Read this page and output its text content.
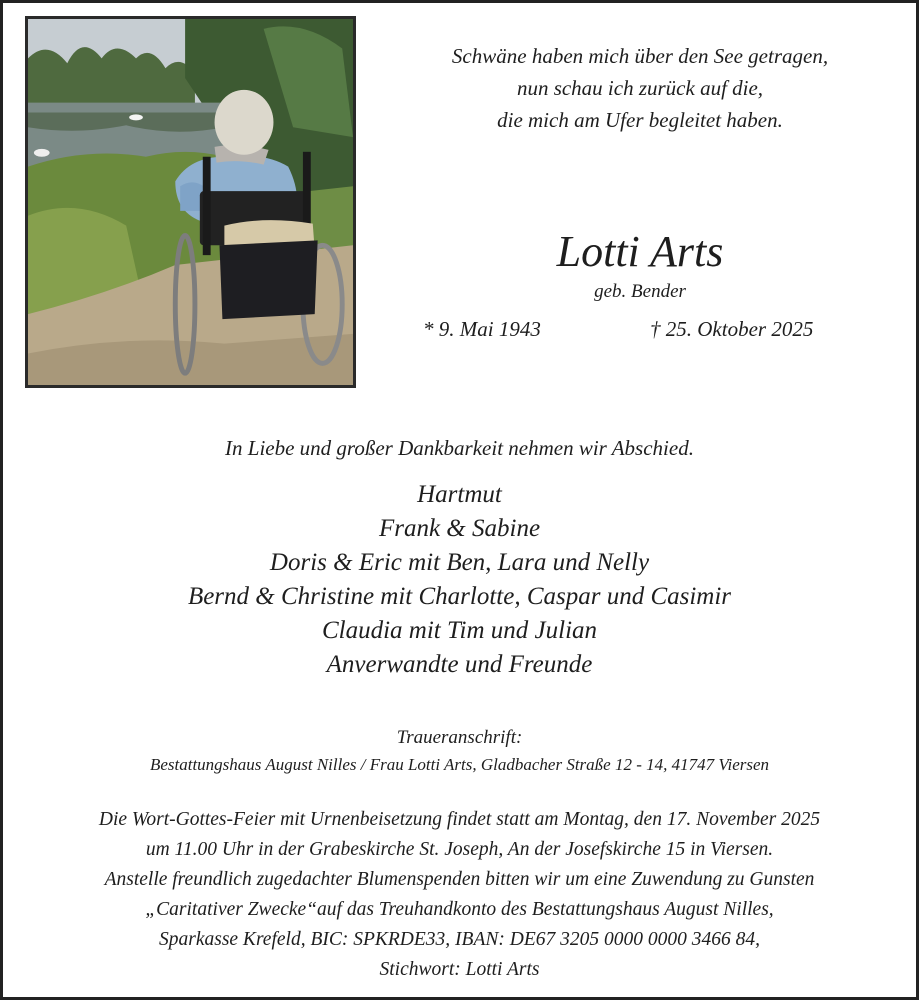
Schwäne haben mich über den See getragen,
nun schau ich zurück auf die,
die mich am Ufer begleitet haben.
Lotti Arts
geb. Bender
* 9. Mai 1943	† 25. Oktober 2025
In Liebe und großer Dankbarkeit nehmen wir Abschied.
Hartmut
Frank & Sabine
Doris & Eric mit Ben, Lara und Nelly
Bernd & Christine mit Charlotte, Caspar und Casimir
Claudia mit Tim und Julian
Anverwandte und Freunde
Traueranschrift:
Bestattungshaus August Nilles / Frau Lotti Arts, Gladbacher Straße 12 - 14, 41747 Viersen
Die Wort-Gottes-Feier mit Urnenbeisetzung findet statt am Montag, den 17. November 2025
um 11.00 Uhr in der Grabeskirche St. Joseph, An der Josefskirche 15 in Viersen.
Anstelle freundlich zugedachter Blumenspenden bitten wir um eine Zuwendung zu Gunsten
„Caritativer Zwecke“auf das Treuhandkonto des Bestattungshaus August Nilles,
Sparkasse Krefeld, BIC: SPKRDE33, IBAN: DE67 3205 0000 0000 3466 84,
Stichwort: Lotti Arts
